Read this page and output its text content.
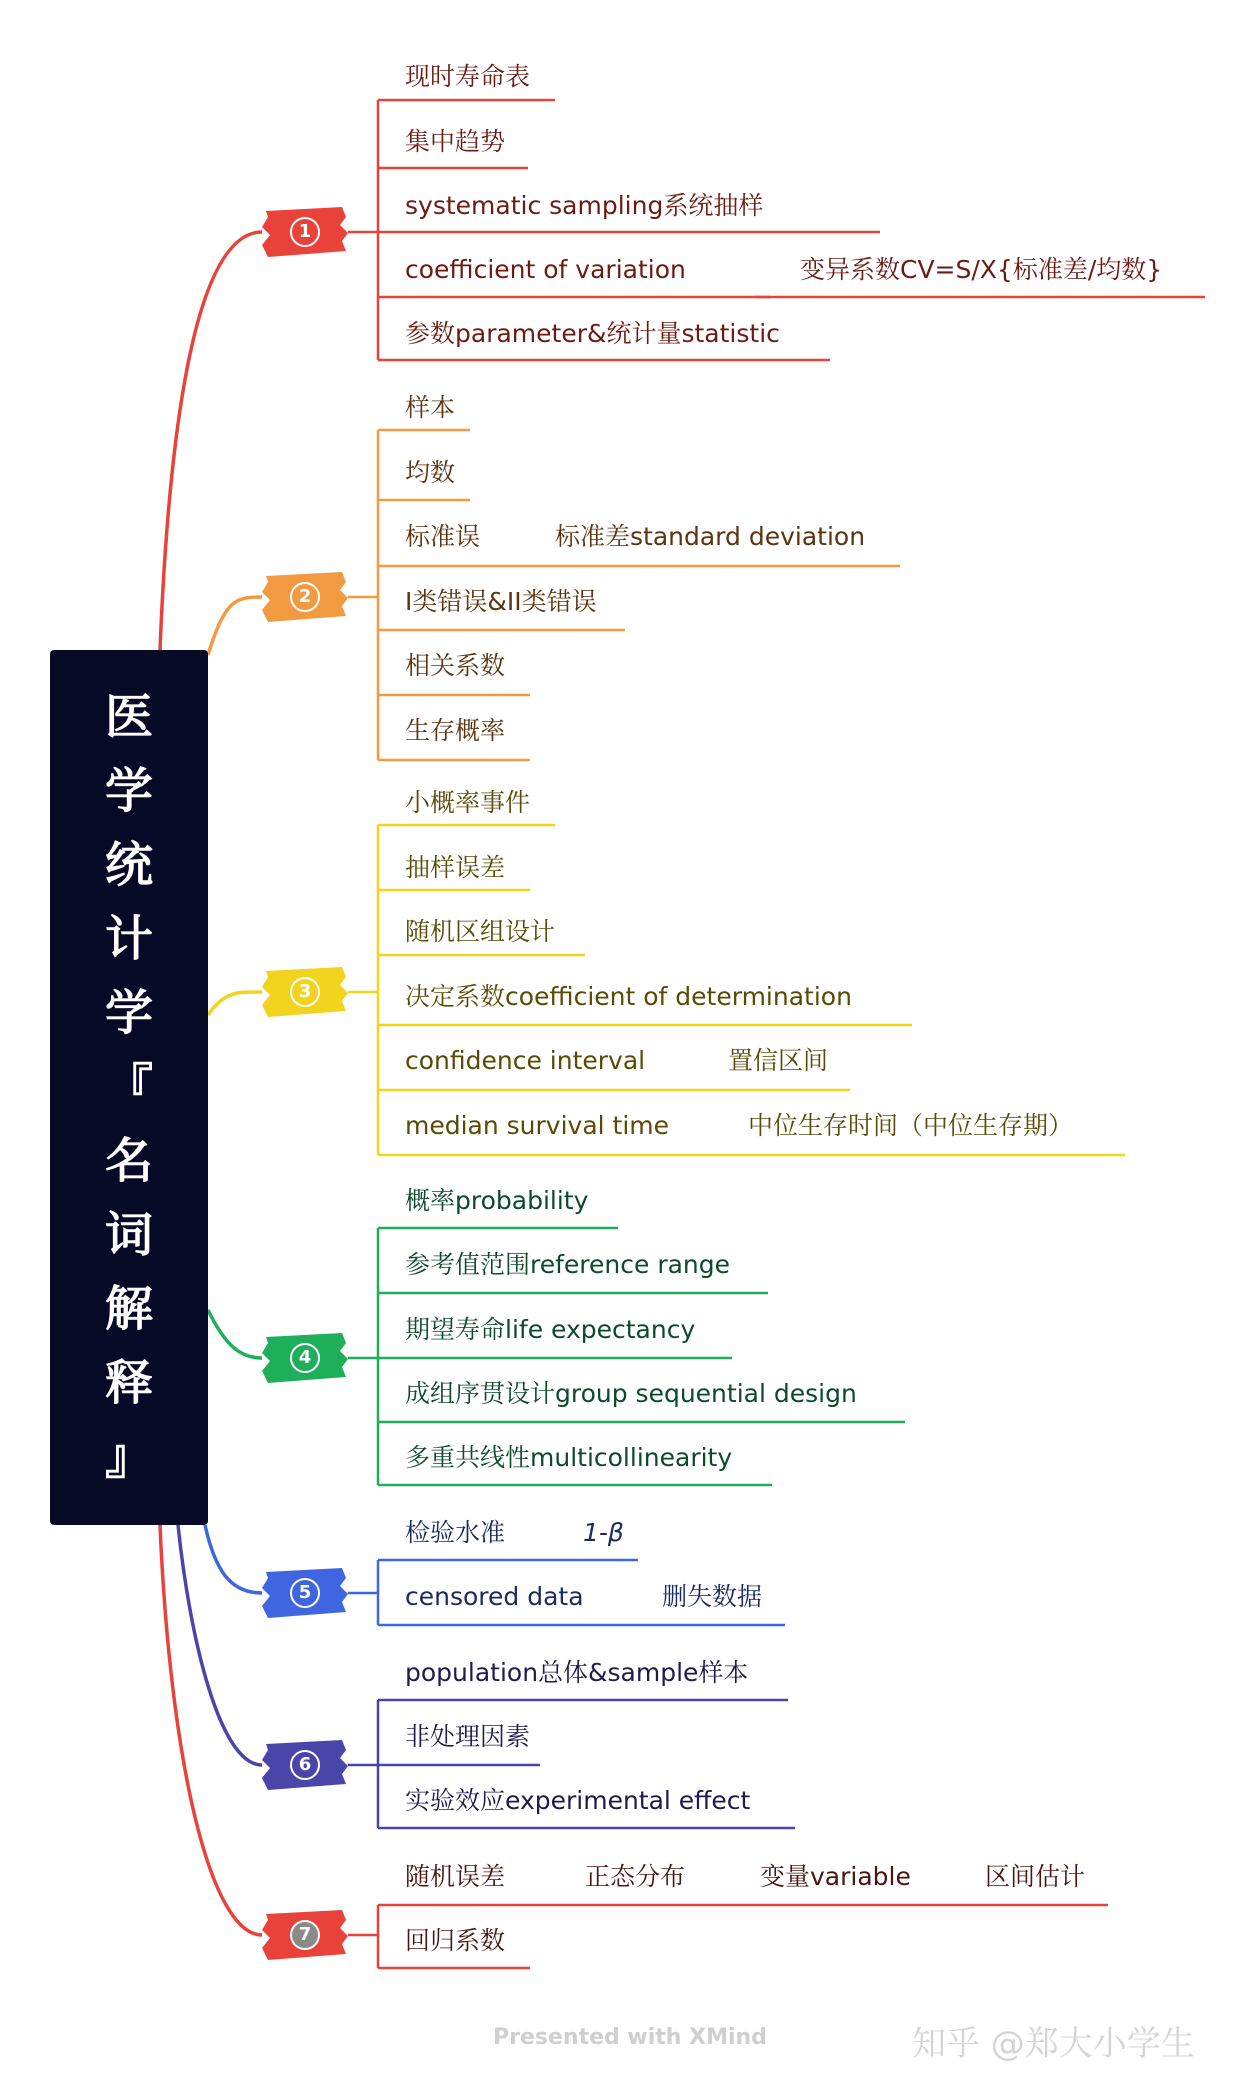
医
学
统
计
学
『
名
词
解
释
』
1
2
3
4
5
6
7
现时寿命表
集中趋势
systematic sampling系统抽样
coefficient of variation	变异系数CV=S/X{标准差/均数}
参数parameter&统计量statistic
样本
均数
标准误	标准差standard deviation
I类错误&II类错误
相关系数
生存概率
小概率事件
抽样误差
随机区组设计
决定系数coefficient of determination
confidence interval	置信区间
median survival time	中位生存时间（中位生存期）
概率probability
参考值范围reference range
期望寿命life expectancy
成组序贯设计group sequential design
多重共线性multicollinearity
检验水准	1-β
censored data	删失数据
population总体&sample样本
非处理因素
实验效应experimental effect
随机误差	正态分布	变量variable	区间估计
回归系数
Presented with XMind	知乎 @郑大小学生
